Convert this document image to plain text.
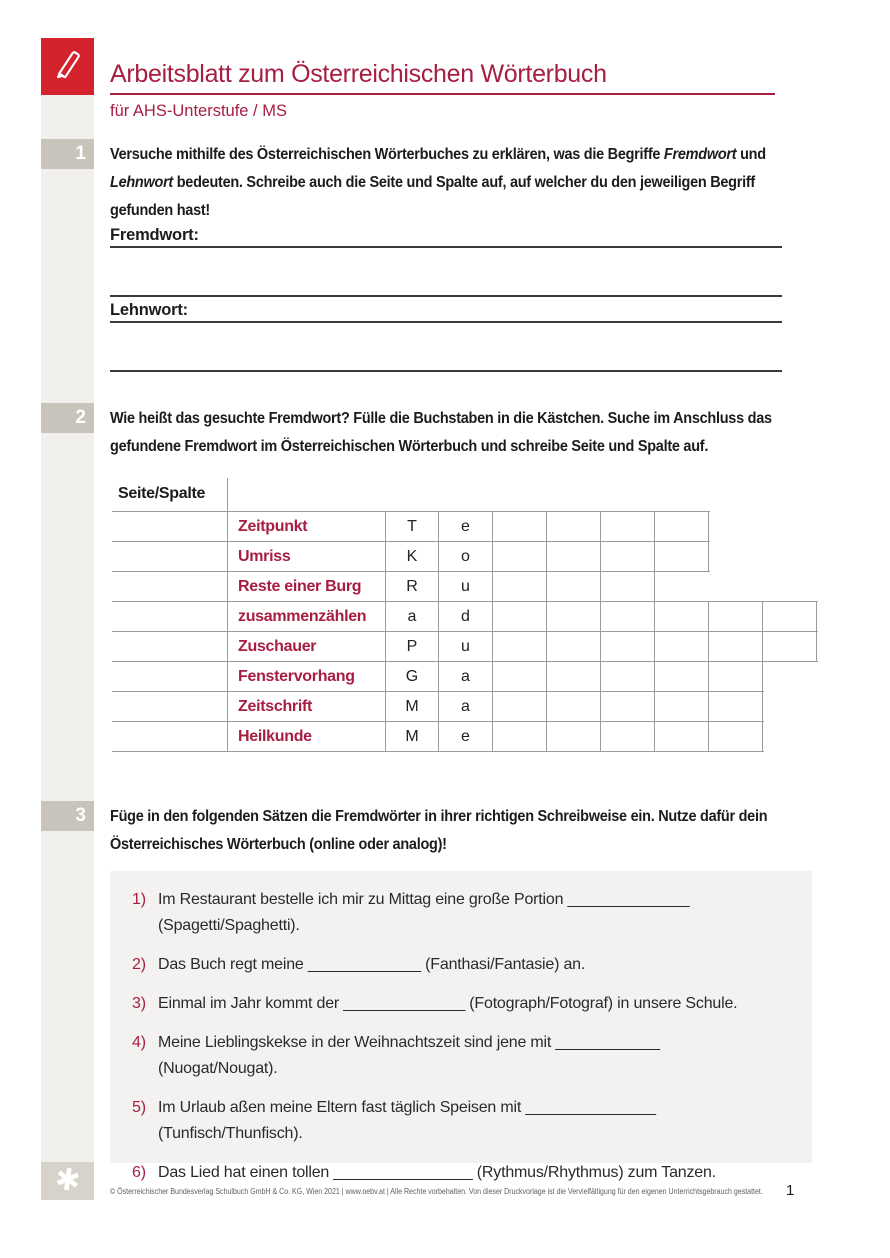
Arbeitsblatt zum Österreichischen Wörterbuch
für AHS-Unterstufe / MS
1	Versuche mithilfe des Österreichischen Wörterbuches zu erklären, was die Begriffe Fremdwort und Lehnwort bedeuten. Schreibe auch die Seite und Spalte auf, auf welcher du den jeweiligen Begriff gefunden hast!

Fremdwort:
Lehnwort:
2	Wie heißt das gesuchte Fremdwort? Fülle die Buchstaben in die Kästchen. Suche im Anschluss das gefundene Fremdwort im Österreichischen Wörterbuch und schreibe Seite und Spalte auf.

Seite/Spalte
Zeitpunkt	T	e
Umriss	K	o
Reste einer Burg	R	u
zusammenzählen	a	d
Zuschauer	P	u
Fenstervorhang	G	a
Zeitschrift	M	a
Heilkunde	M	e
3	Füge in den folgenden Sätzen die Fremdwörter in ihrer richtigen Schreibweise ein. Nutze dafür dein Österreichisches Wörterbuch (online oder analog)!

1) Im Restaurant bestelle ich mir zu Mittag eine große Portion ______________
(Spagetti/Spaghetti).
2) Das Buch regt meine _____________ (Fanthasi/Fantasie) an.
3) Einmal im Jahr kommt der ______________ (Fotograph/Fotograf) in unsere Schule.
4) Meine Lieblingskekse in der Weihnachtszeit sind jene mit ____________
(Nuogat/Nougat).
5) Im Urlaub aßen meine Eltern fast täglich Speisen mit _______________
(Tunfisch/Thunfisch).
6) Das Lied hat einen tollen ________________ (Rythmus/Rhythmus) zum Tanzen.
✱	© Österreichischer Bundesverlag Schulbuch GmbH & Co. KG, Wien 2021 | www.oebv.at | Alle Rechte vorbehalten. Von dieser Druckvorlage ist die Vervielfältigung für den eigenen Unterrichtsgebrauch gestattet. 1
